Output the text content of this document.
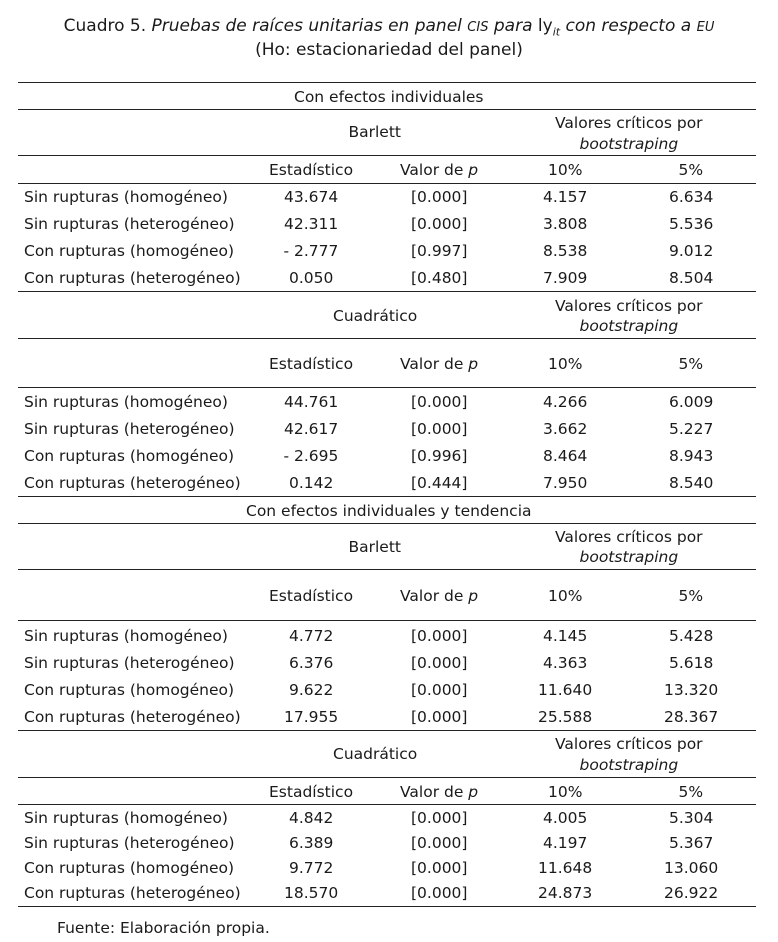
Cuadro 5. Pruebas de raíces unitarias en panel CIS para $ly_{it}$ con respecto a EU
(Ho: estacionariedad del panel)
Con efectos individuales
Barlett	Valores críticos por
bootstraping
Estadístico	Valor de p	10%	5%
Sin rupturas (homogéneo)	43.674	[0.000]	4.157	6.634
Sin rupturas (heterogéneo)	42.311	[0.000]	3.808	5.536
Con rupturas (homogéneo)	- 2.777	[0.997]	8.538	9.012
Con rupturas (heterogéneo)	0.050	[0.480]	7.909	8.504
Cuadrático
Valores críticos por
bootstraping
Estadístico	Valor de p	10%	5%
Sin rupturas (homogéneo)	44.761	[0.000]	4.266	6.009
Sin rupturas (heterogéneo)	42.617	[0.000]	3.662	5.227
Con rupturas (homogéneo)	- 2.695	[0.996]	8.464	8.943
Con rupturas (heterogéneo)	0.142	[0.444]	7.950	8.540
Con efectos individuales y tendencia
Barlett
Valores críticos por
bootstraping
Estadístico	Valor de p	10%	5%
Sin rupturas (homogéneo)	4.772	[0.000]	4.145	5.428
Sin rupturas (heterogéneo)	6.376	[0.000]	4.363	5.618
Con rupturas (homogéneo)	9.622	[0.000]	11.640	13.320
Con rupturas (heterogéneo)	17.955	[0.000]	25.588	28.367
Cuadrático
Valores críticos por
bootstraping
Estadístico	Valor de p	10%	5%
Sin rupturas (homogéneo)	4.842	[0.000]	4.005	5.304
Sin rupturas (heterogéneo)	6.389	[0.000]	4.197	5.367
Con rupturas (homogéneo)	9.772	[0.000]	11.648	13.060
Con rupturas (heterogéneo)	18.570	[0.000]	24.873	26.922
Fuente: Elaboración propia.
